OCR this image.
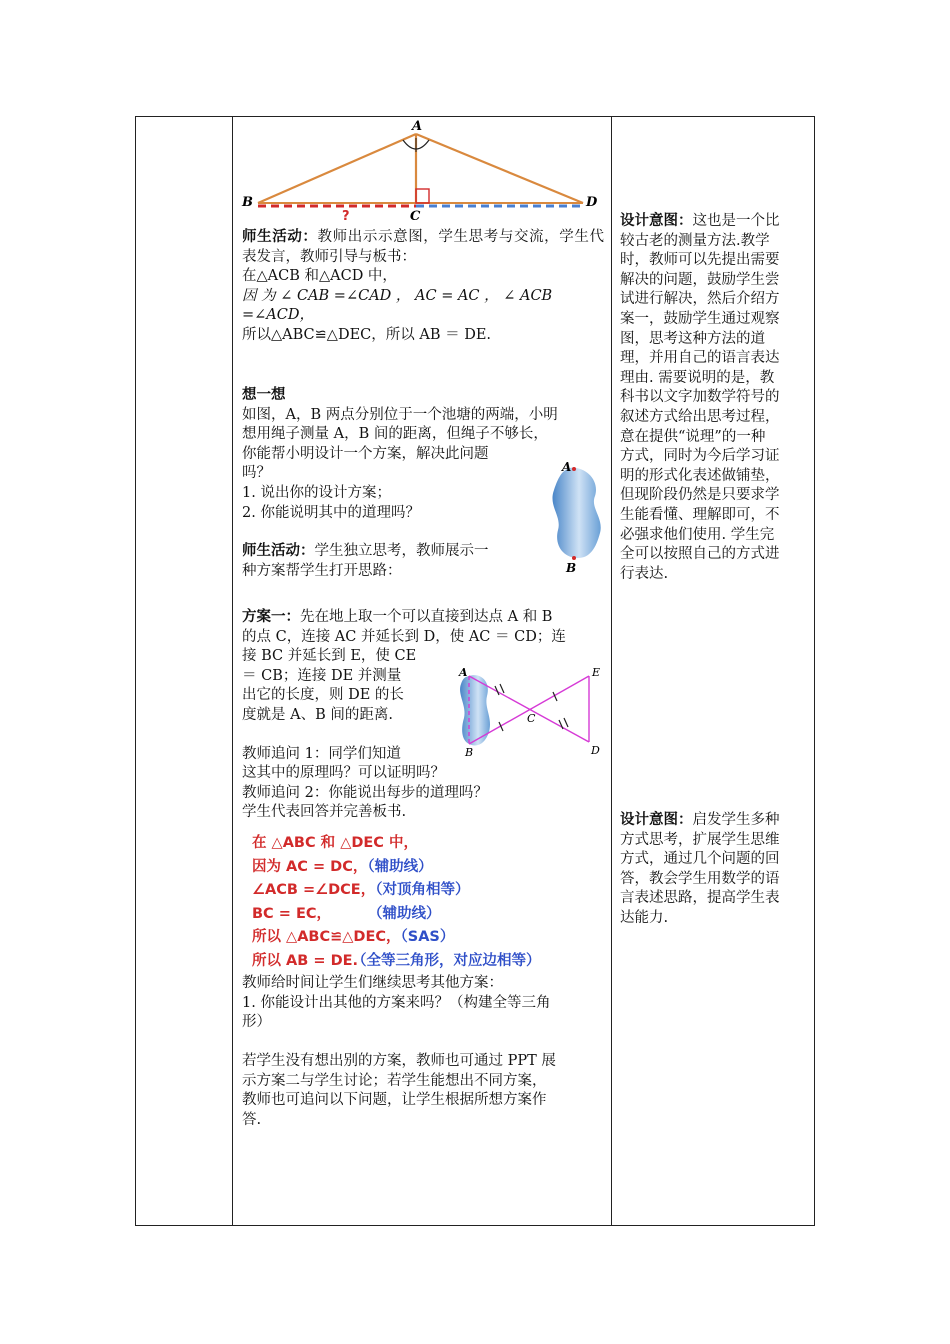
A
B
C
D
?

师生活动：教师出示示意图，学生思考与交流，学生代表发言，教师引导与板书：

在△ACB 和△ACD 中，

因 为 ∠ CAB =∠CAD ， AC = AC ， ∠ ACB

=∠ACD，

所以△ABC≌△DEC，所以 AB ＝ DE.

想一想

如图，A，B 两点分别位于一个池塘的两端，小明

想用绳子测量 A，B 间的距离，但绳子不够长，

你能帮小明设计一个方案，解决此问题

吗？

1. 说出你的设计方案；

2. 你能说明其中的道理吗？

师生活动：学生独立思考，教师展示一

种方案帮学生打开思路：

A
B

方案一：先在地上取一个可以直接到达点 A 和 B

的点 C，连接 AC 并延长到 D，使 AC ＝ CD；连

接 BC 并延长到 E，使 CE

＝ CB；连接 DE 并测量

出它的长度，则 DE 的长

度就是 A、B 间的距离.

教师追问 1：同学们知道

这其中的原理吗？可以证明吗？

教师追问 2：你能说出每步的道理吗？

学生代表回答并完善板书.

A
B
C
D
E

在 △ABC 和 △DEC 中，

因为 AC = DC，（辅助线）

∠ACB =∠DCE，（对顶角相等）

BC = EC，	（辅助线）

所以 △ABC≌△DEC，（SAS）

所以 AB = DE.（全等三角形，对应边相等）

教师给时间让学生们继续思考其他方案：

1. 你能设计出其他的方案来吗？（构建全等三角

形）

若学生没有想出别的方案，教师也可通过 PPT 展

示方案二与学生讨论；若学生能想出不同方案，

教师也可追问以下问题，让学生根据所想方案作

答.

设计意图：这也是一个比

较古老的测量方法.教学

时，教师可以先提出需要

解决的问题，鼓励学生尝

试进行解决，然后介绍方

案一，鼓励学生通过观察

图，思考这种方法的道

理，并用自己的语言表达

理由. 需要说明的是，教

科书以文字加数学符号的

叙述方式给出思考过程，

意在提供“说理”的一种

方式，同时为今后学习证

明的形式化表述做铺垫，

但现阶段仍然是只要求学

生能看懂、理解即可，不

必强求他们使用. 学生完

全可以按照自己的方式进

行表达.

设计意图：启发学生多种

方式思考，扩展学生思维

方式，通过几个问题的回

答，教会学生用数学的语

言表述思路，提高学生表

达能力.
